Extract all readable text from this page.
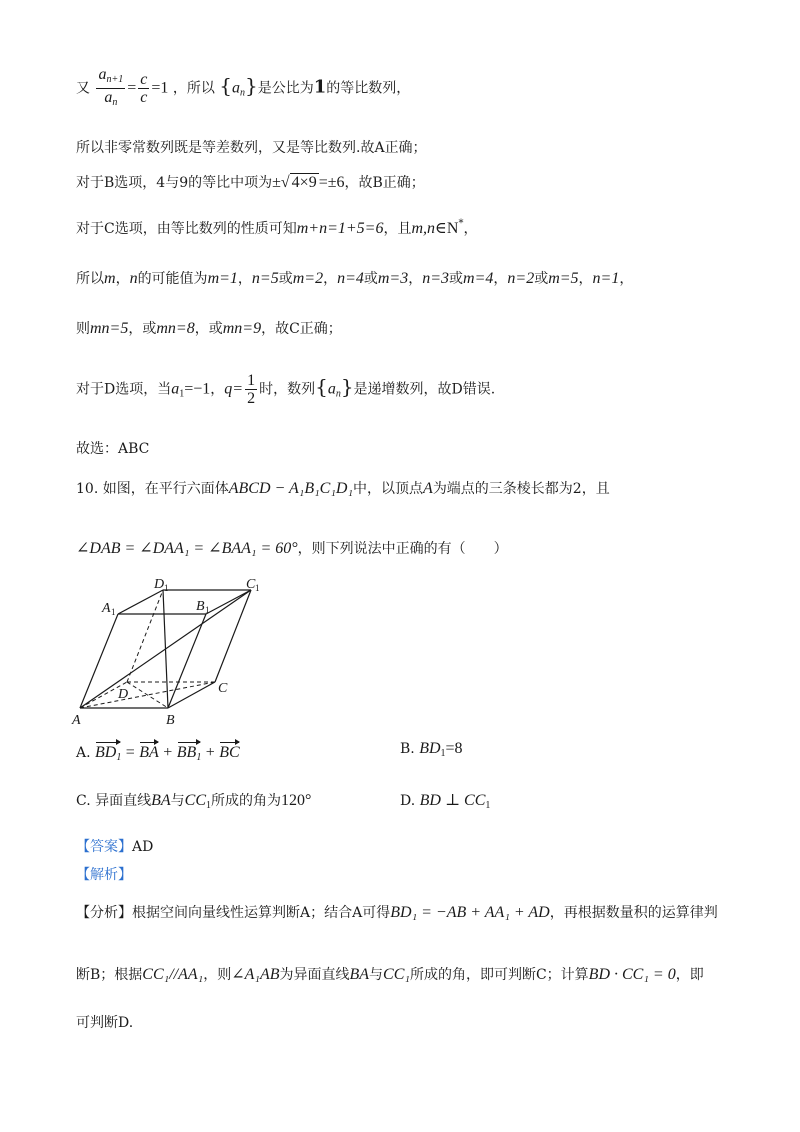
又 $\frac{a_{n+1}}{a_n} = \frac{c}{c} =1$ ，所以 $\{a_n\}$是公比为1的等比数列，
所以非零常数列既是等差数列，又是等比数列.故A正确；
对于B选项，4与9的等比中项为±√ 4×9 =±6，故B正确；
对于C选项，由等比数列的性质可知m+n=1+5=6，且m,n∈N*，
所以m，n的可能值为m=1，n=5或m=2，n=4或m=3，n=3或m=4，n=2或m=5，n=1，
则mn=5，或mn=8，或mn=9，故C正确；
对于D选项，当$a_1=-1$，$q= \frac{1}{2}$ 时，数列$\{a_n\}$是递增数列，故D错误.
故选：ABC
10. 如图，在平行六面体ABCD − A₁B₁C₁D₁中，以顶点A为端点的三条棱长都为2，且
∠DAB = ∠DAA₁ = ∠BAA₁ = 60°，则下列说法中正确的有（　　）
A	B
C
D
A 1	B 1
C 1
D 1
A. $BD_1$ = BA + $BB_1$ + BC	B. $BD_1=8$
C. 异面直线BA与$CC_1$所成的角为120°	D. BD ⊥ $CC_1$
【答案】AD
【解析】
【分析】根据空间向量线性运算判断A；结合A可得BD₁ = −AB + AA₁ + AD，再根据数量积的运算律判
断B；根据CC₁//AA₁，则∠A₁AB为异面直线BA与CC₁所成的角，即可判断C；计算BD · CC₁ = 0，即
可判断D.
